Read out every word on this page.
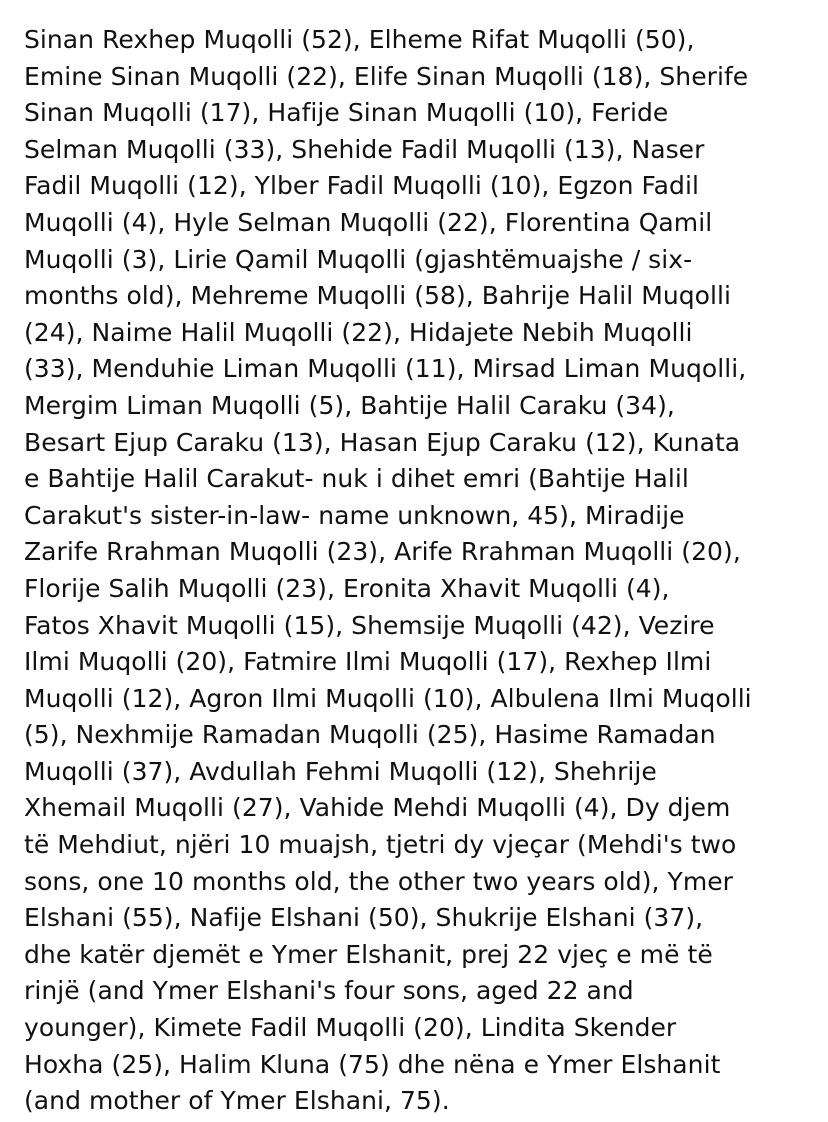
Sinan Rexhep Muqolli (52), Elheme Rifat Muqolli (50),
Emine Sinan Muqolli (22), Elife Sinan Muqolli (18), Sherife
Sinan Muqolli (17), Hafije Sinan Muqolli (10), Feride
Selman Muqolli (33), Shehide Fadil Muqolli (13), Naser
Fadil Muqolli (12), Ylber Fadil Muqolli (10), Egzon Fadil
Muqolli (4), Hyle Selman Muqolli (22), Florentina Qamil
Muqolli (3), Lirie Qamil Muqolli (gjashtëmuajshe / six-
months old), Mehreme Muqolli (58), Bahrije Halil Muqolli
(24), Naime Halil Muqolli (22), Hidajete Nebih Muqolli
(33), Menduhie Liman Muqolli (11), Mirsad Liman Muqolli,
Mergim Liman Muqolli (5), Bahtije Halil Caraku (34),
Besart Ejup Caraku (13), Hasan Ejup Caraku (12), Kunata
e Bahtije Halil Carakut- nuk i dihet emri (Bahtije Halil
Carakut's sister-in-law- name unknown, 45), Miradije
Zarife Rrahman Muqolli (23), Arife Rrahman Muqolli (20),
Florije Salih Muqolli (23), Eronita Xhavit Muqolli (4),
Fatos Xhavit Muqolli (15), Shemsije Muqolli (42), Vezire
Ilmi Muqolli (20), Fatmire Ilmi Muqolli (17), Rexhep Ilmi
Muqolli (12), Agron Ilmi Muqolli (10), Albulena Ilmi Muqolli
(5), Nexhmije Ramadan Muqolli (25), Hasime Ramadan
Muqolli (37), Avdullah Fehmi Muqolli (12), Shehrije
Xhemail Muqolli (27), Vahide Mehdi Muqolli (4), Dy djem
të Mehdiut, njëri 10 muajsh, tjetri dy vjeçar (Mehdi's two
sons, one 10 months old, the other two years old), Ymer
Elshani (55), Nafije Elshani (50), Shukrije Elshani (37),
dhe katër djemët e Ymer Elshanit, prej 22 vjeç e më të
rinjë (and Ymer Elshani's four sons, aged 22 and
younger), Kimete Fadil Muqolli (20), Lindita Skender
Hoxha (25), Halim Kluna (75) dhe nëna e Ymer Elshanit
(and mother of Ymer Elshani, 75).
